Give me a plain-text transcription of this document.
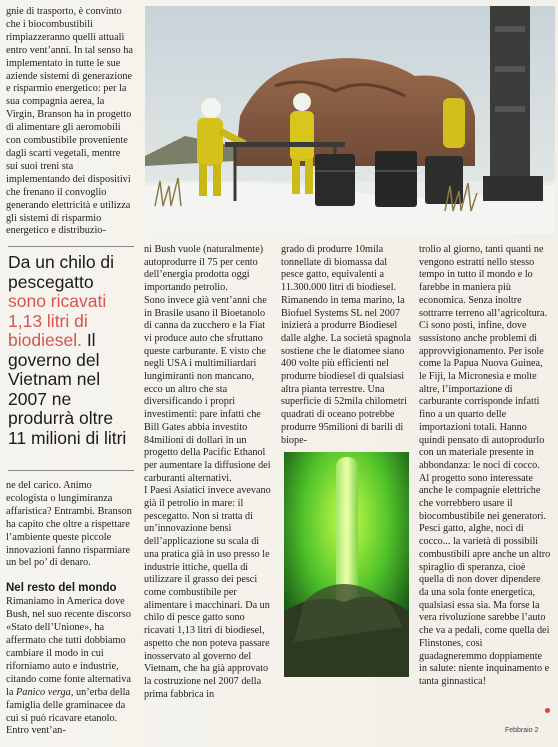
gnie di trasporto, è convinto che i biocombustibili rimpiazzeranno quelli attuali entro vent’anni. In tal senso ha implementato in tutte le sue aziende sistemi di generazione e risparmio energetico: per la sua compagnia aerea, la Virgin, Branson ha in progetto di alimentare gli aeromobili con combustibile proveniente dagli scarti vegetali, mentre sui suoi treni sta implementando dei dispositivi che frenano il convoglio generando elettricità e utilizza gli sistemi di risparmio energetico e distribuzio-

Da un chilo di pescegatto sono ricavati 1,13 litri di biodiesel. Il governo del Vietnam nel 2007 ne produrrà oltre 11 milioni di litri

ne del carico. Animo ecologista o lungimiranza affaristica? Entrambi. Branson ha capito che oltre a rispettare l’ambiente queste piccole innovazioni fanno risparmiare un bel po’ di denaro.

Nel resto del mondo

Rimaniamo in America dove Bush, nel suo recente discorso «Stato dell’Unione», ha affermato che tutti dobbiamo cambiare il modo in cui riforniamo auto e industrie, citando come fonte alternativa la Panico verga, un’erba della famiglia delle graminacee da cui si può ricavare etanolo. Entro vent’an-

ni Bush vuole (naturalmente) autoprodurre il 75 per cento dell’energia prodotta oggi importando petrolio.

Sono invece già vent’anni che in Brasile usano il Bioetanolo di canna da zucchero e la Fiat vi produce auto che sfruttano queste carburante. E visto che negli USA i multimiliardari lungimiranti non mancano, ecco un altro che sta diversificando i propri investimenti: pare infatti che Bill Gates abbia investito 84milioni di dollari in un progetto della Pacific Ethanol per aumentare la diffusione dei carburanti alternativi.

I Paesi Asiatici invece avevano già il petrolio in mare: il pescegatto. Non si tratta di un’innovazione bensì dell’applicazione su scala di una pratica già in uso presso le industrie ittiche, quella di utilizzare il grasso dei pesci come combustibile per alimentare i macchinari. Da un chilo di pesce gatto sono ricavati 1,13 litri di biodiesel, aspetto che non poteva passare inosservato al governo del Vietnam, che ha già approvato la costruzione nel 2007 della prima fabbrica in

grado di produrre 10mila tonnellate di biomassa dal pesce gatto, equivalenti a 11.300.000 litri di biodiesel.

Rimanendo in tema marino, la Biofuel Systems SL nel 2007 inizierà a produrre Biodiesel dalle alghe. La società spagnola sostiene che le diatomee siano 400 volte più efficienti nel produrre biodiesel di qualsiasi altra pianta terrestre. Una superficie di 52mila chilometri quadrati di oceano potrebbe produrre 95milioni di barili di biope-

trolio al giorno, tanti quanti ne vengono estratti nello stesso tempo in tutto il mondo e lo farebbe in maniera più economica. Senza inoltre sottrarre terreno all’agricoltura. Ci sono posti, infine, dove sussistono anche problemi di approvvigionamento. Per isole come la Papua Nuova Guinea, le Fiji, la Micronesia e molte altre, l’importazione di carburante corrisponde infatti fino a un quarto delle importazioni totali. Hanno quindi pensato di autoprodurlo con un materiale presente in abbondanza: le noci di cocco. Al progetto sono interessate anche le compagnie elettriche che vorrebbero usare il biocombustibile nei generatori. Pesci gatto, alghe, noci di cocco... la varietà di possibili combustibili apre anche un altro spiraglio di speranza, cioè quella di non dover dipendere da una sola fonte energetica, qualsiasi essa sia. Ma forse la vera rivoluzione sarebbe l’auto che va a pedali, come quella dei Flinstones, così guadagneremmo doppiamente in salute: niente inquinamento e tanta ginnastica!

Febbraio 2
